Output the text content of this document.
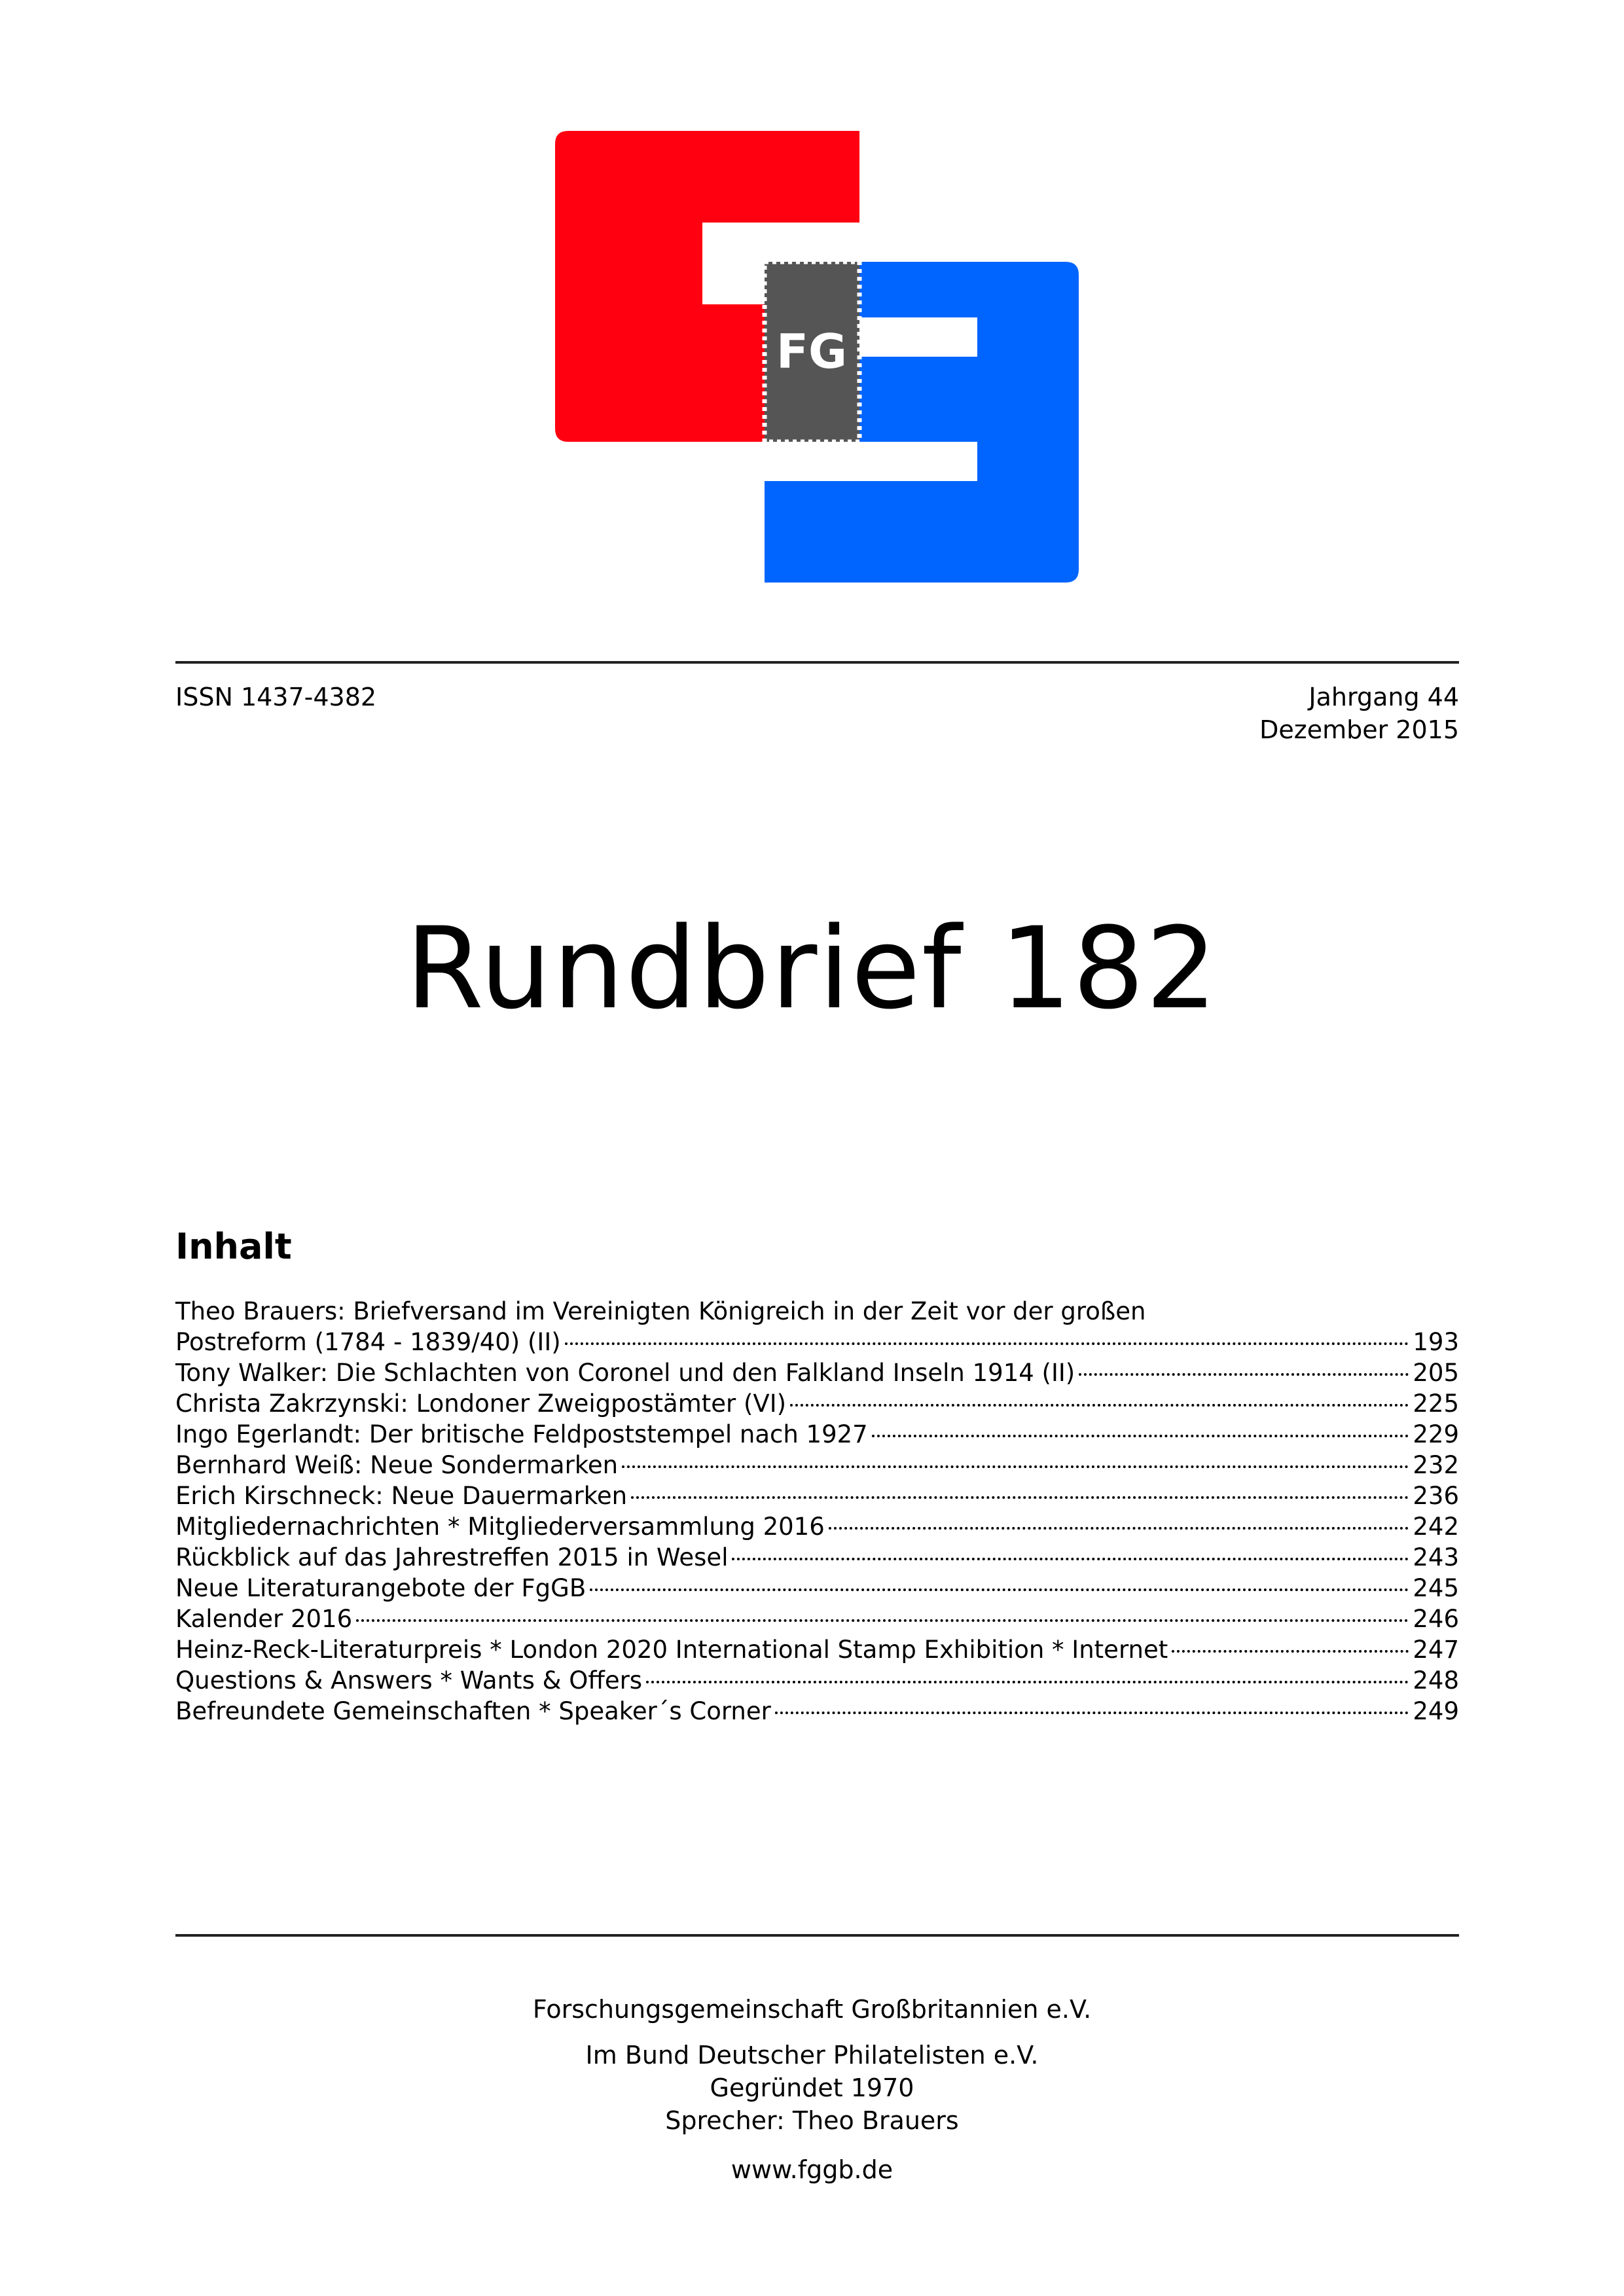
FG
ISSN 1437-4382	Jahrgang 44
Dezember 2015
Rundbrief 182
Inhalt
Theo Brauers: Briefversand im Vereinigten Königreich in der Zeit vor der großen
Postreform (1784 - 1839/40) (II)	193
Tony Walker: Die Schlachten von Coronel und den Falkland Inseln 1914 (II)	205
Christa Zakrzynski: Londoner Zweigpostämter (VI)	225
Ingo Egerlandt: Der britische Feldpoststempel nach 1927	229
Bernhard Weiß: Neue Sondermarken	232
Erich Kirschneck: Neue Dauermarken	236
Mitgliedernachrichten * Mitgliederversammlung 2016	242
Rückblick auf das Jahrestreffen 2015 in Wesel	243
Neue Literaturangebote der FgGB	245
Kalender 2016	246
Heinz-Reck-Literaturpreis * London 2020 International Stamp Exhibition * Internet	247
Questions & Answers * Wants & Offers	248
Befreundete Gemeinschaften * Speaker´s Corner	249
Forschungsgemeinschaft Großbritannien e.V.
Im Bund Deutscher Philatelisten e.V.
Gegründet 1970
Sprecher: Theo Brauers
www.fggb.de
